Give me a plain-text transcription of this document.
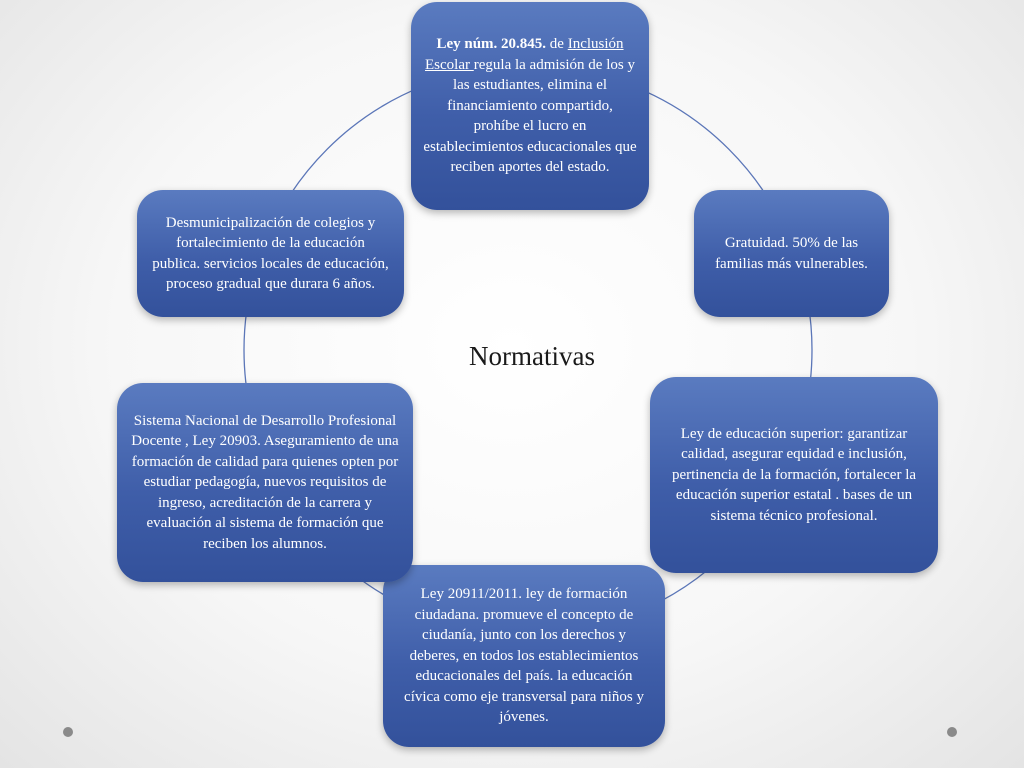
Normativas
Ley núm. 20.845. de Inclusión Escolar regula la admisión de los y las estudiantes, elimina el financiamiento compartido, prohíbe el lucro en establecimientos educacionales que reciben aportes del estado.
Gratuidad. 50% de las familias más vulnerables.
Ley de educación superior: garantizar calidad, asegurar equidad e inclusión, pertinencia de la formación, fortalecer la educación superior estatal . bases de un sistema técnico profesional.
Ley 20911/2011. ley de formación ciudadana. promueve el concepto de ciudanía, junto con los derechos y deberes, en todos los establecimientos educacionales del país. la educación cívica como eje transversal para niños y jóvenes.
Sistema Nacional de Desarrollo Profesional Docente , Ley 20903. Aseguramiento de una formación de calidad para quienes opten por estudiar pedagogía, nuevos requisitos de ingreso, acreditación de la carrera y evaluación al sistema de formación que reciben los alumnos.
Desmunicipalización de colegios y fortalecimiento de la educación publica. servicios locales de educación, proceso gradual que durara 6 años.
